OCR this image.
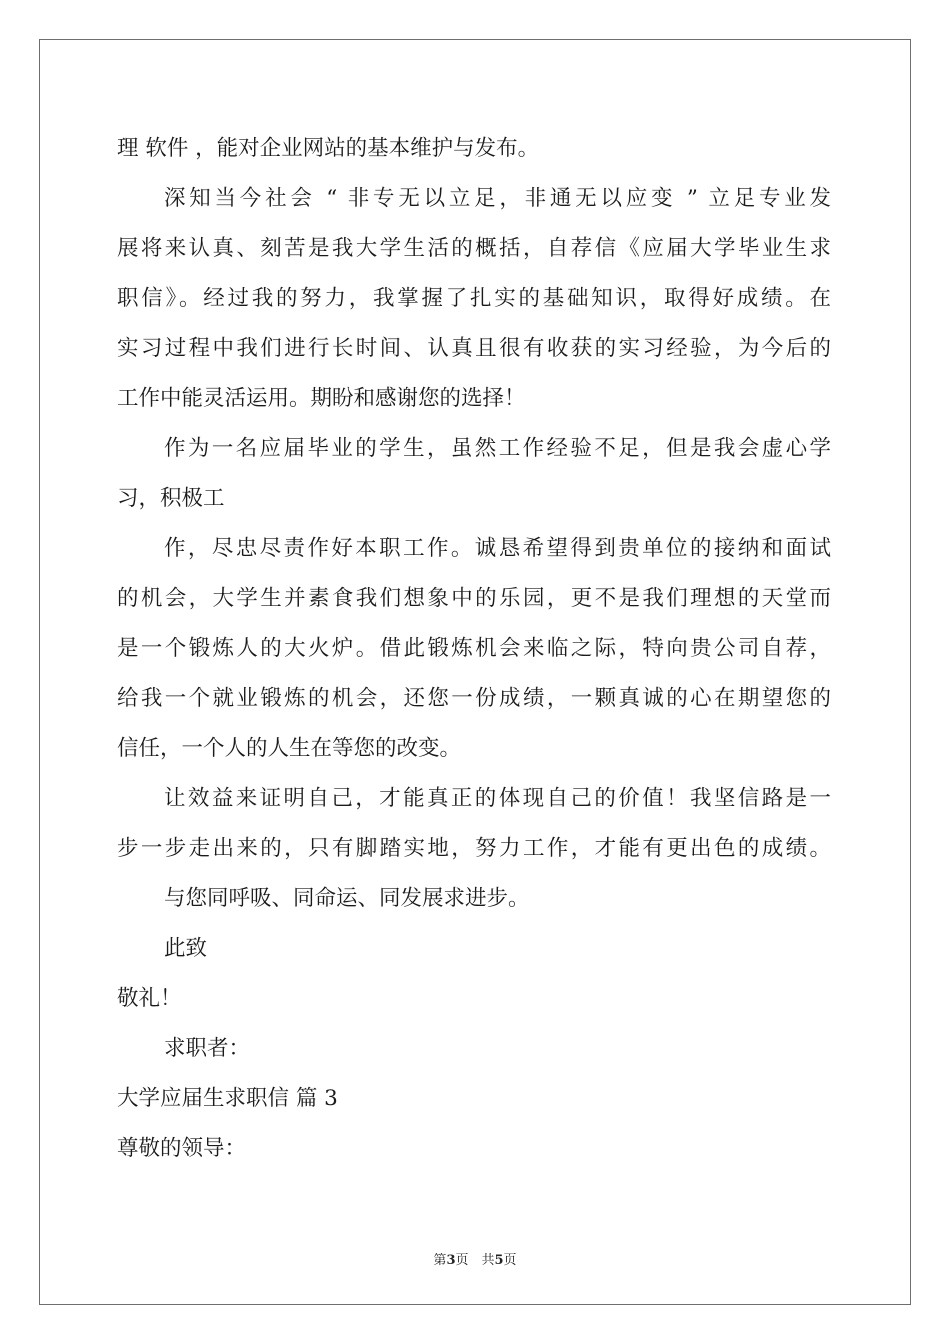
理 软件 ，能对企业网站的基本维护与发布。
深知当今社会 “ 非专无以立足，非通无以应变 ” 立足专业发
展将来认真、刻苦是我大学生活的概括，自荐信《应届大学毕业生求
职信》。经过我的努力，我掌握了扎实的基础知识，取得好成绩。在
实习过程中我们进行长时间、认真且很有收获的实习经验，为今后的
工作中能灵活运用。期盼和感谢您的选择！
作为一名应届毕业的学生，虽然工作经验不足，但是我会虚心学
习，积极工
作，尽忠尽责作好本职工作。诚恳希望得到贵单位的接纳和面试
的机会，大学生并素食我们想象中的乐园，更不是我们理想的天堂而
是一个锻炼人的大火炉。借此锻炼机会来临之际，特向贵公司自荐，
给我一个就业锻炼的机会，还您一份成绩，一颗真诚的心在期望您的
信任，一个人的人生在等您的改变。
让效益来证明自己，才能真正的体现自己的价值！我坚信路是一
步一步走出来的，只有脚踏实地，努力工作，才能有更出色的成绩。
与您同呼吸、同命运、同发展求进步。
此致
敬礼！
求职者：
大学应届生求职信 篇 3
尊敬的领导：
第3页　共5页
